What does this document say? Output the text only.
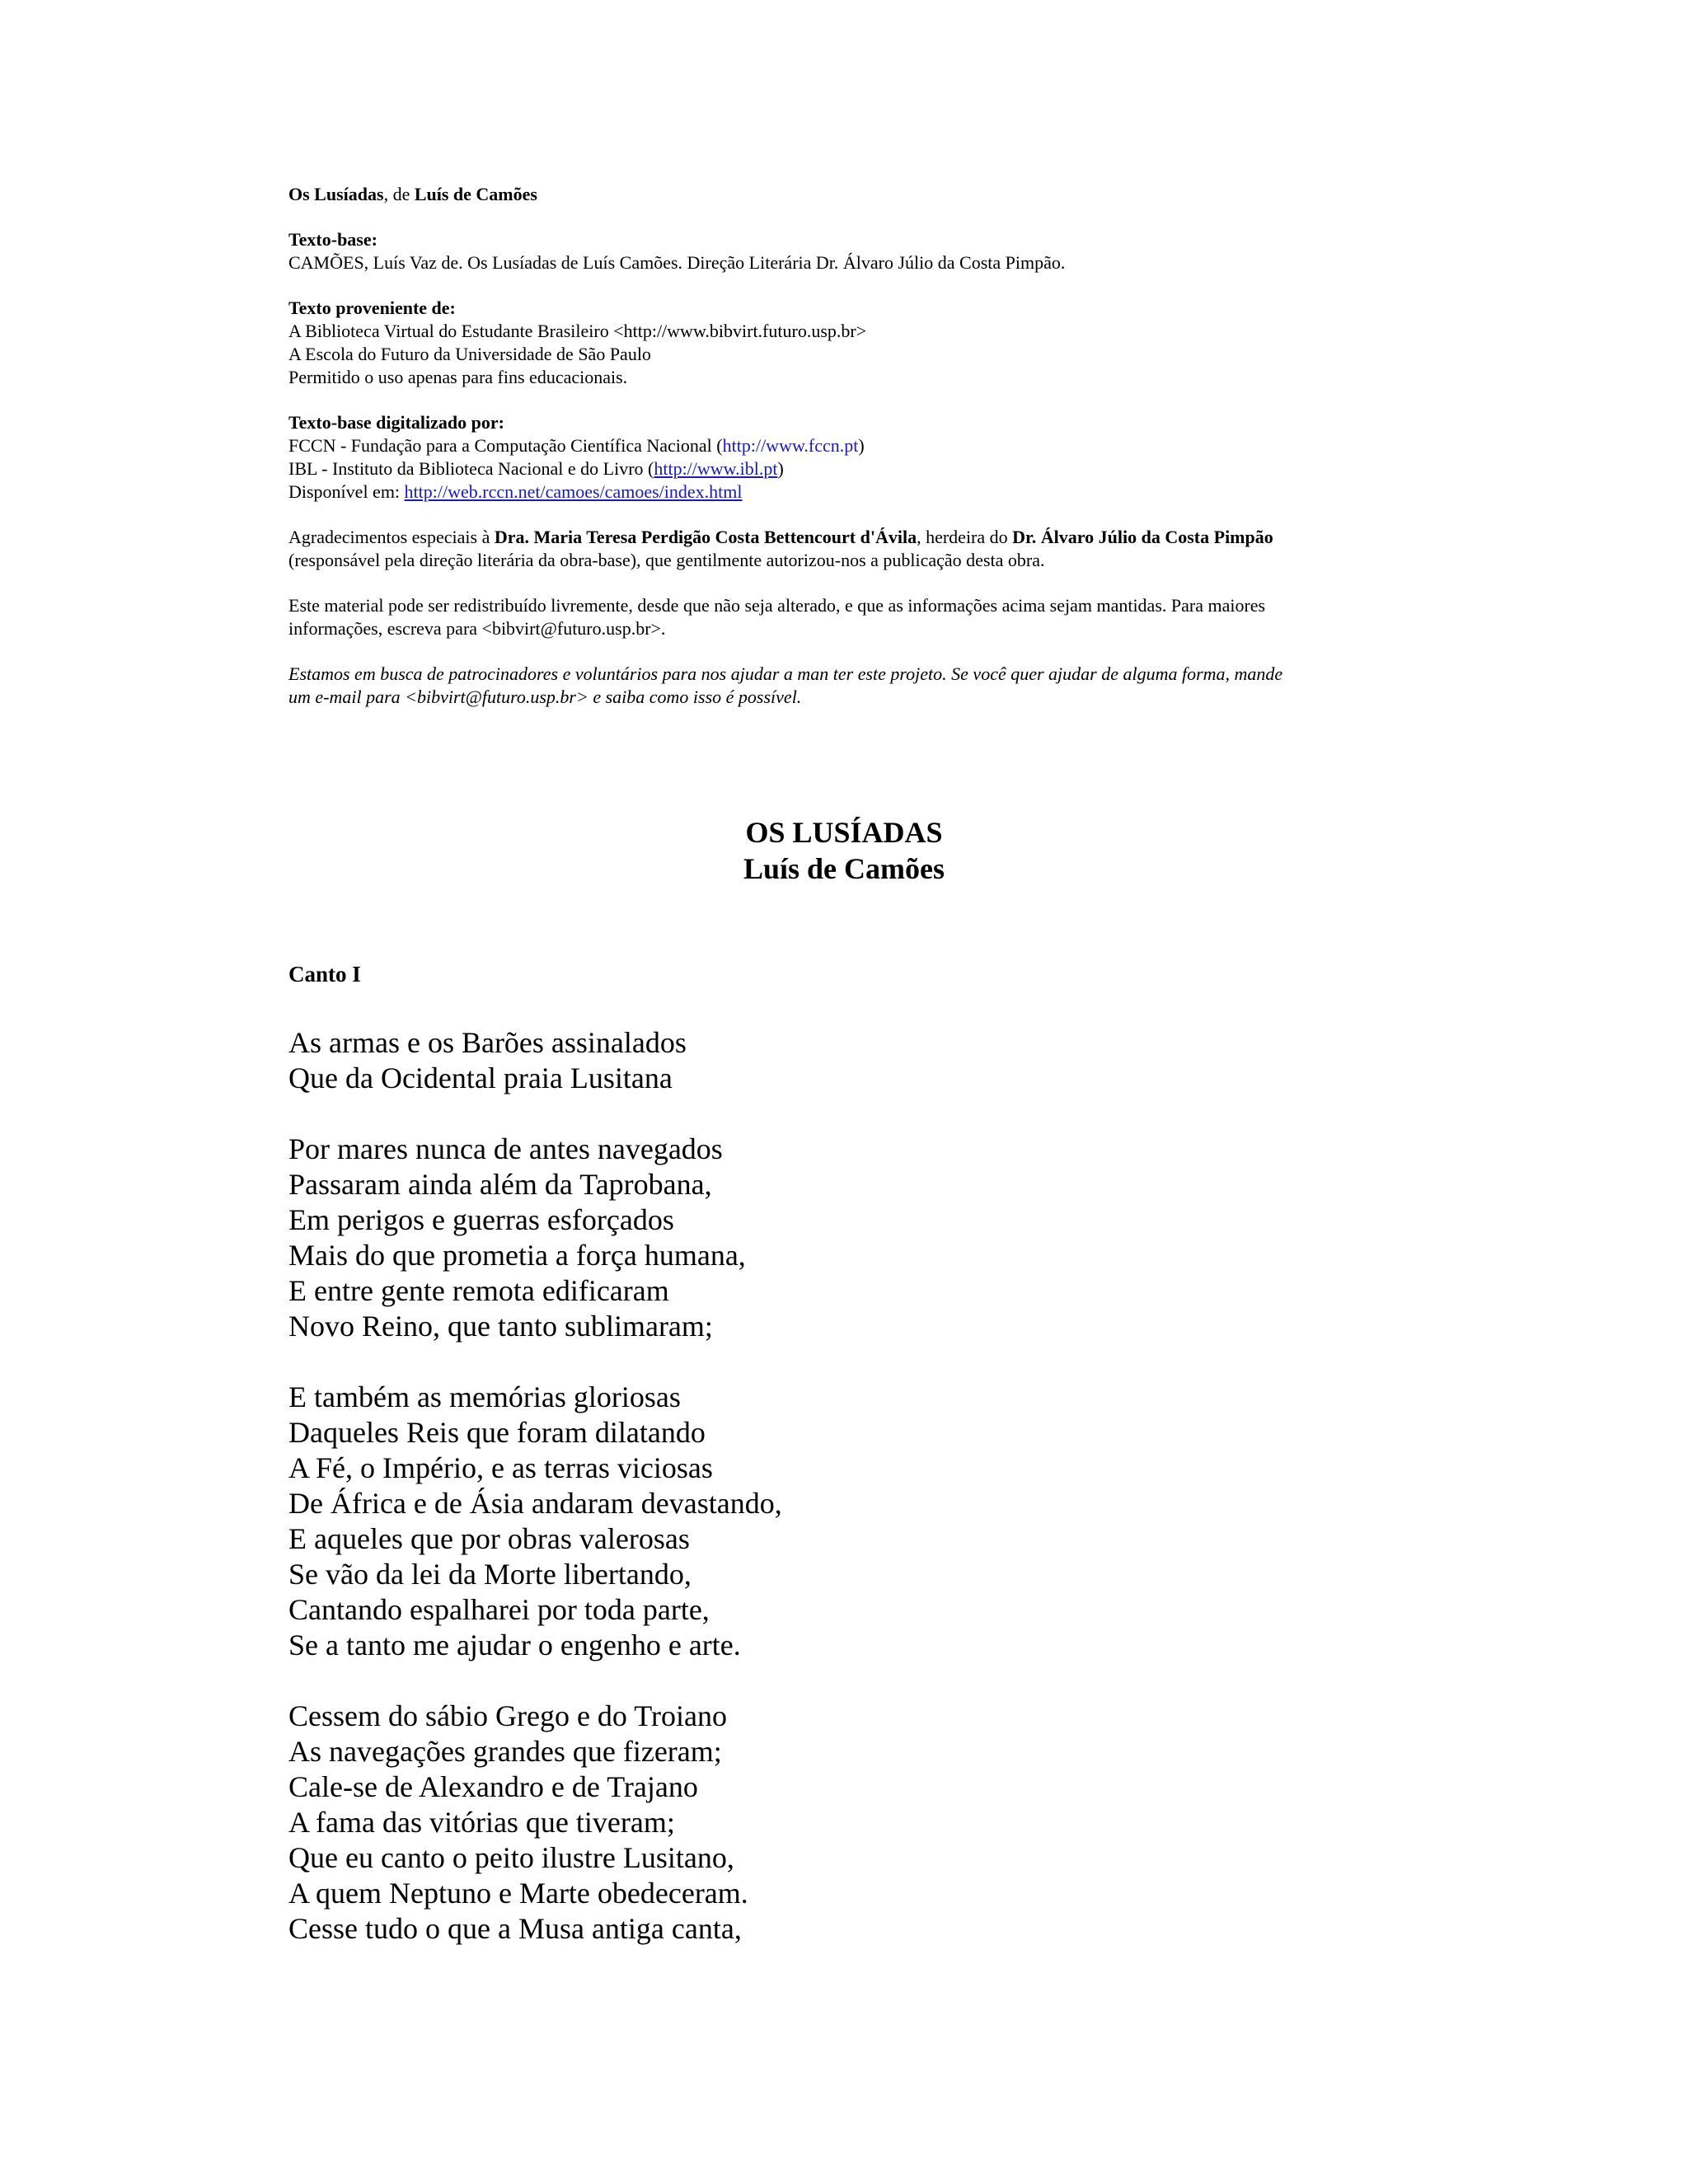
Os Lusíadas, de Luís de Camões

Texto-base:

CAMÕES, Luís Vaz de. Os Lusíadas de Luís Camões. Direção Literária Dr. Álvaro Júlio da Costa Pimpão.

Texto proveniente de:

A Biblioteca Virtual do Estudante Brasileiro <http://www.bibvirt.futuro.usp.br>

A Escola do Futuro da Universidade de São Paulo

Permitido o uso apenas para fins educacionais.

Texto-base digitalizado por:

FCCN - Fundação para a Computação Científica Nacional (http://www.fccn.pt)

IBL - Instituto da Biblioteca Nacional e do Livro (http://www.ibl.pt)

Disponível em: http://web.rccn.net/camoes/camoes/index.html

Agradecimentos especiais à Dra. Maria Teresa Perdigão Costa Bettencourt d'Ávila, herdeira do Dr. Álvaro Júlio da Costa Pimpão

(responsável pela direção literária da obra-base), que gentilmente autorizou-nos a publicação desta obra.

Este material pode ser redistribuído livremente, desde que não seja alterado, e que as informações acima sejam mantidas. Para maiores

informações, escreva para <bibvirt@futuro.usp.br>.

Estamos em busca de patrocinadores e voluntários para nos ajudar a man ter este projeto. Se você quer ajudar de alguma forma, mande

um e-mail para <bibvirt@futuro.usp.br> e saiba como isso é possível.

OS LUSÍADAS
Luís de Camões
Canto I
As armas e os Barões assinalados
Que da Ocidental praia Lusitana
Por mares nunca de antes navegados
Passaram ainda além da Taprobana,
Em perigos e guerras esforçados
Mais do que prometia a força humana,
E entre gente remota edificaram
Novo Reino, que tanto sublimaram;
E também as memórias gloriosas
Daqueles Reis que foram dilatando
A Fé, o Império, e as terras viciosas
De África e de Ásia andaram devastando,
E aqueles que por obras valerosas
Se vão da lei da Morte libertando,
Cantando espalharei por toda parte,
Se a tanto me ajudar o engenho e arte.
Cessem do sábio Grego e do Troiano
As navegações grandes que fizeram;
Cale-se de Alexandro e de Trajano
A fama das vitórias que tiveram;
Que eu canto o peito ilustre Lusitano,
A quem Neptuno e Marte obedeceram.
Cesse tudo o que a Musa antiga canta,
